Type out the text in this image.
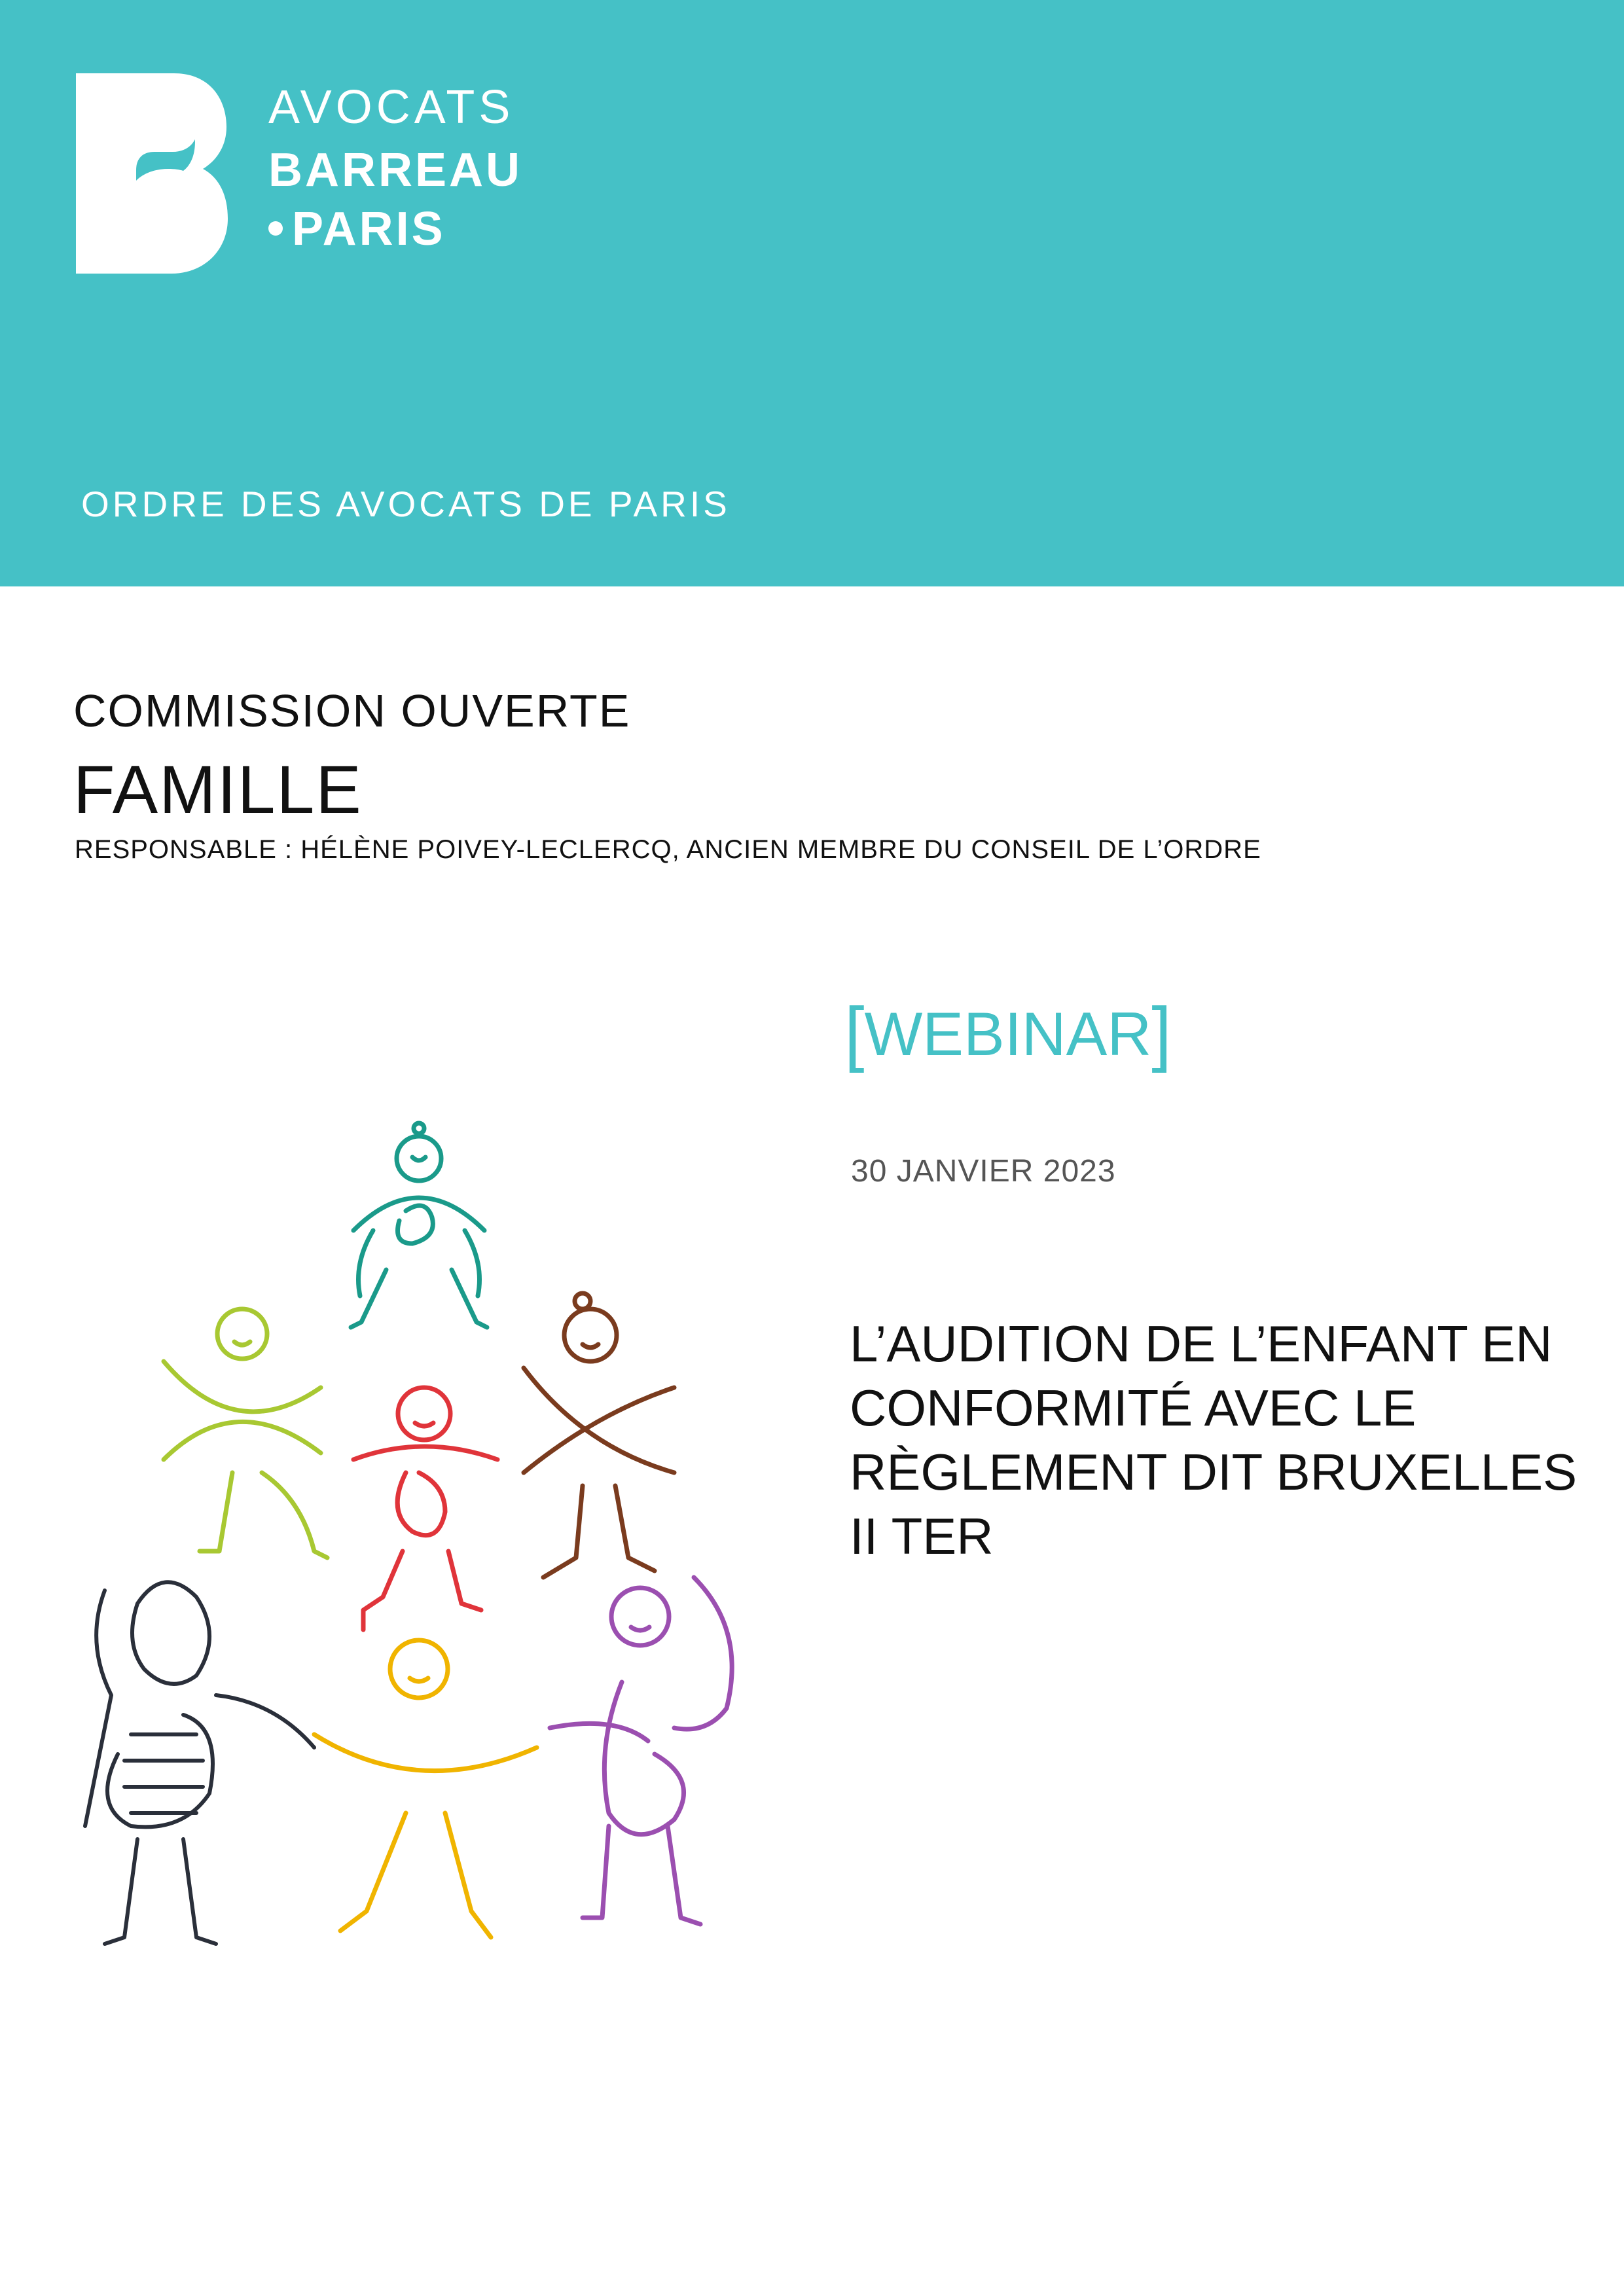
AVOCATS
BARREAU
PARIS
ORDRE DES AVOCATS DE PARIS
COMMISSION OUVERTE
FAMILLE
RESPONSABLE : HÉLÈNE POIVEY-LECLERCQ, ANCIEN MEMBRE DU CONSEIL DE L’ORDRE
[WEBINAR]
30 JANVIER 2023
L’AUDITION DE L’ENFANT EN CONFORMITÉ AVEC LE RÈGLEMENT DIT BRUXELLES II TER
